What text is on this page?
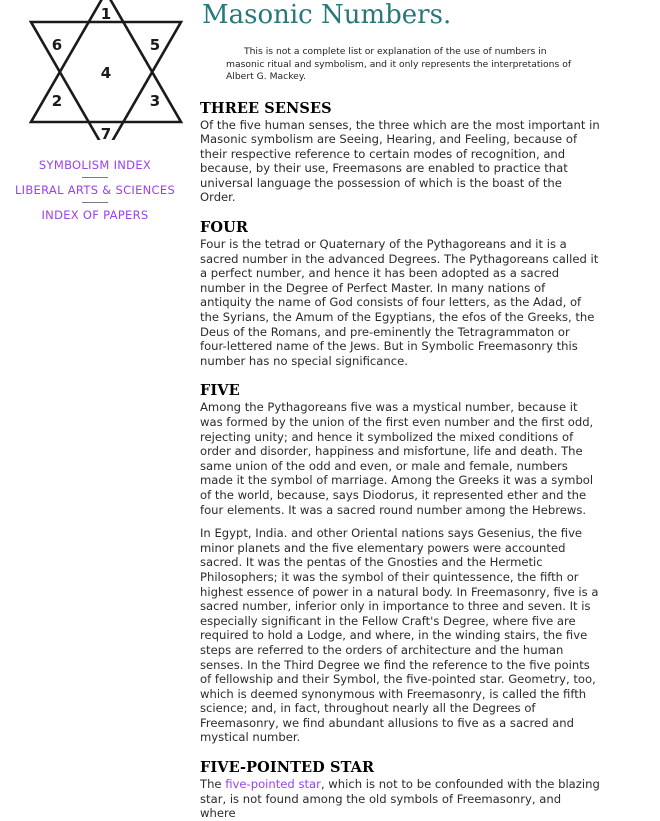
1
6	5
4
2	3
7
SYMBOLISM INDEX
LIBERAL ARTS & SCIENCES
INDEX OF PAPERS
Masonic Numbers.

This is not a complete list or explanation of the use of numbers in masonic ritual and symbolism, and it only represents the interpretations of Albert G. Mackey.

THREE SENSES

Of the five human senses, the three which are the most important in Masonic symbolism are Seeing, Hearing, and Feeling, because of their respective reference to certain modes of recognition, and because, by their use, Freemasons are enabled to practice that universal language the possession of which is the boast of the Order.

FOUR

Four is the tetrad or Quaternary of the Pythagoreans and it is a sacred number in the advanced Degrees. The Pythagoreans called it a perfect number, and hence it has been adopted as a sacred number in the Degree of Perfect Master. In many nations of antiquity the name of God consists of four letters, as the Adad, of the Syrians, the Amum of the Egyptians, the efos of the Greeks, the Deus of the Romans, and pre-eminently the Tetragrammaton or four-lettered name of the Jews. But in Symbolic Freemasonry this number has no special significance.

FIVE

Among the Pythagoreans five was a mystical number, because it was formed by the union of the first even number and the first odd, rejecting unity; and hence it symbolized the mixed conditions of order and disorder, happiness and misfortune, life and death. The same union of the odd and even, or male and female, numbers made it the symbol of marriage. Among the Greeks it was a symbol of the world, because, says Diodorus, it represented ether and the four elements. It was a sacred round number among the Hebrews.

In Egypt, India. and other Oriental nations says Gesenius, the five minor planets and the five elementary powers were accounted sacred. It was the pentas of the Gnosties and the Hermetic Philosophers; it was the symbol of their quintessence, the fifth or highest essence of power in a natural body. In Freemasonry, five is a sacred number, inferior only in importance to three and seven. It is especially significant in the Fellow Craft's Degree, where five are required to hold a Lodge, and where, in the winding stairs, the five steps are referred to the orders of architecture and the human senses. In the Third Degree we find the reference to the five points of fellowship and their Symbol, the five-pointed star. Geometry, too, which is deemed synonymous with Freemasonry, is called the fifth science; and, in fact, throughout nearly all the Degrees of Freemasonry, we find abundant allusions to five as a sacred and mystical number.

FIVE-POINTED STAR

The five-pointed star, which is not to be confounded with the blazing star, is not found among the old symbols of Freemasonry, and where
